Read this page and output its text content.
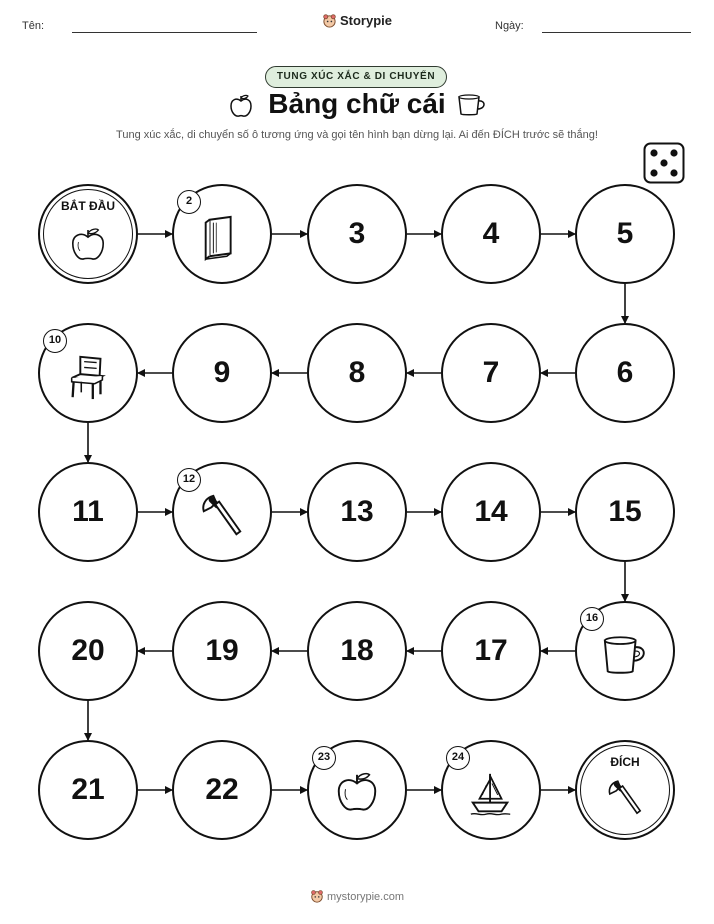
Tên:	Storypie	Ngày:
TUNG XÚC XẮC & DI CHUYỂN
Bảng chữ cái
Tung xúc xắc, di chuyển số ô tương ứng và gọi tên hình bạn dừng lại. Ai đến ĐÍCH trước sẽ thắng!
BẮT ĐẦU	2
3	4	5
6
7
8
9
10
11
12
13	14	15
16
17
18
19
20
21	22
23	24	ĐÍCH
mystorypie.com
